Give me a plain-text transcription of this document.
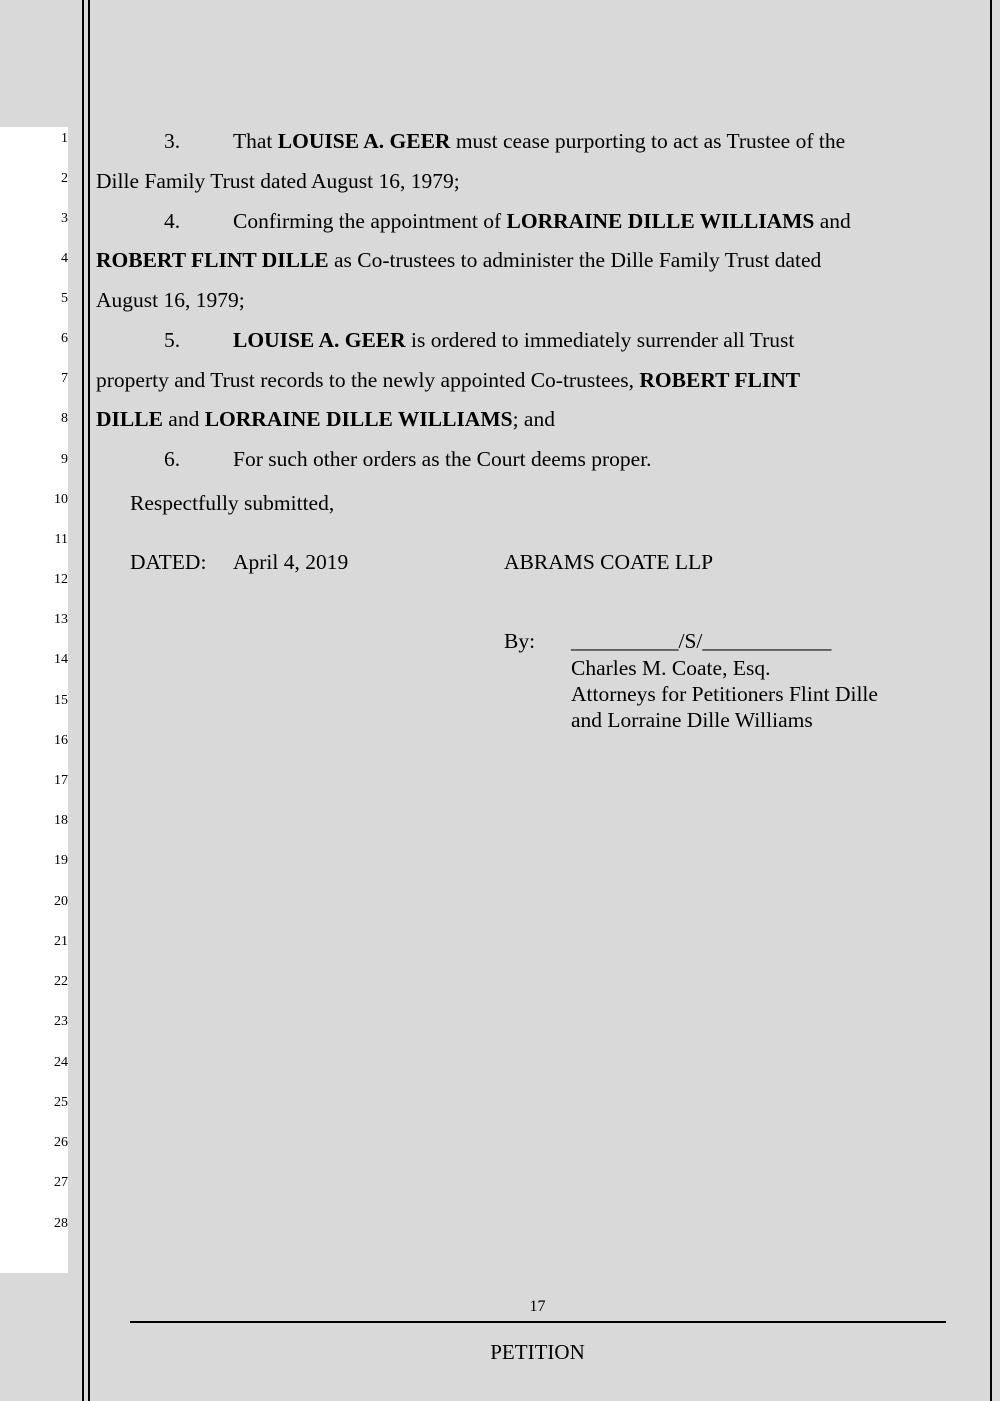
1
2
3
4
5
6
7
8
9
10
11
12
13
14
15
16
17
18
19
20
21
22
23
24
25
26
27
28
3. That LOUISE A. GEER must cease purporting to act as Trustee of the
Dille Family Trust dated August 16, 1979;
4. Confirming the appointment of LORRAINE DILLE WILLIAMS and
ROBERT FLINT DILLE as Co-trustees to administer the Dille Family Trust dated
August 16, 1979;
5. LOUISE A. GEER is ordered to immediately surrender all Trust
property and Trust records to the newly appointed Co-trustees, ROBERT FLINT
DILLE and LORRAINE DILLE WILLIAMS; and
6. For such other orders as the Court deems proper.
Respectfully submitted,
DATED: April 4, 2019	ABRAMS COATE LLP
By: __________/S/____________
Charles M. Coate, Esq.
Attorneys for Petitioners Flint Dille
and Lorraine Dille Williams
17
PETITION
